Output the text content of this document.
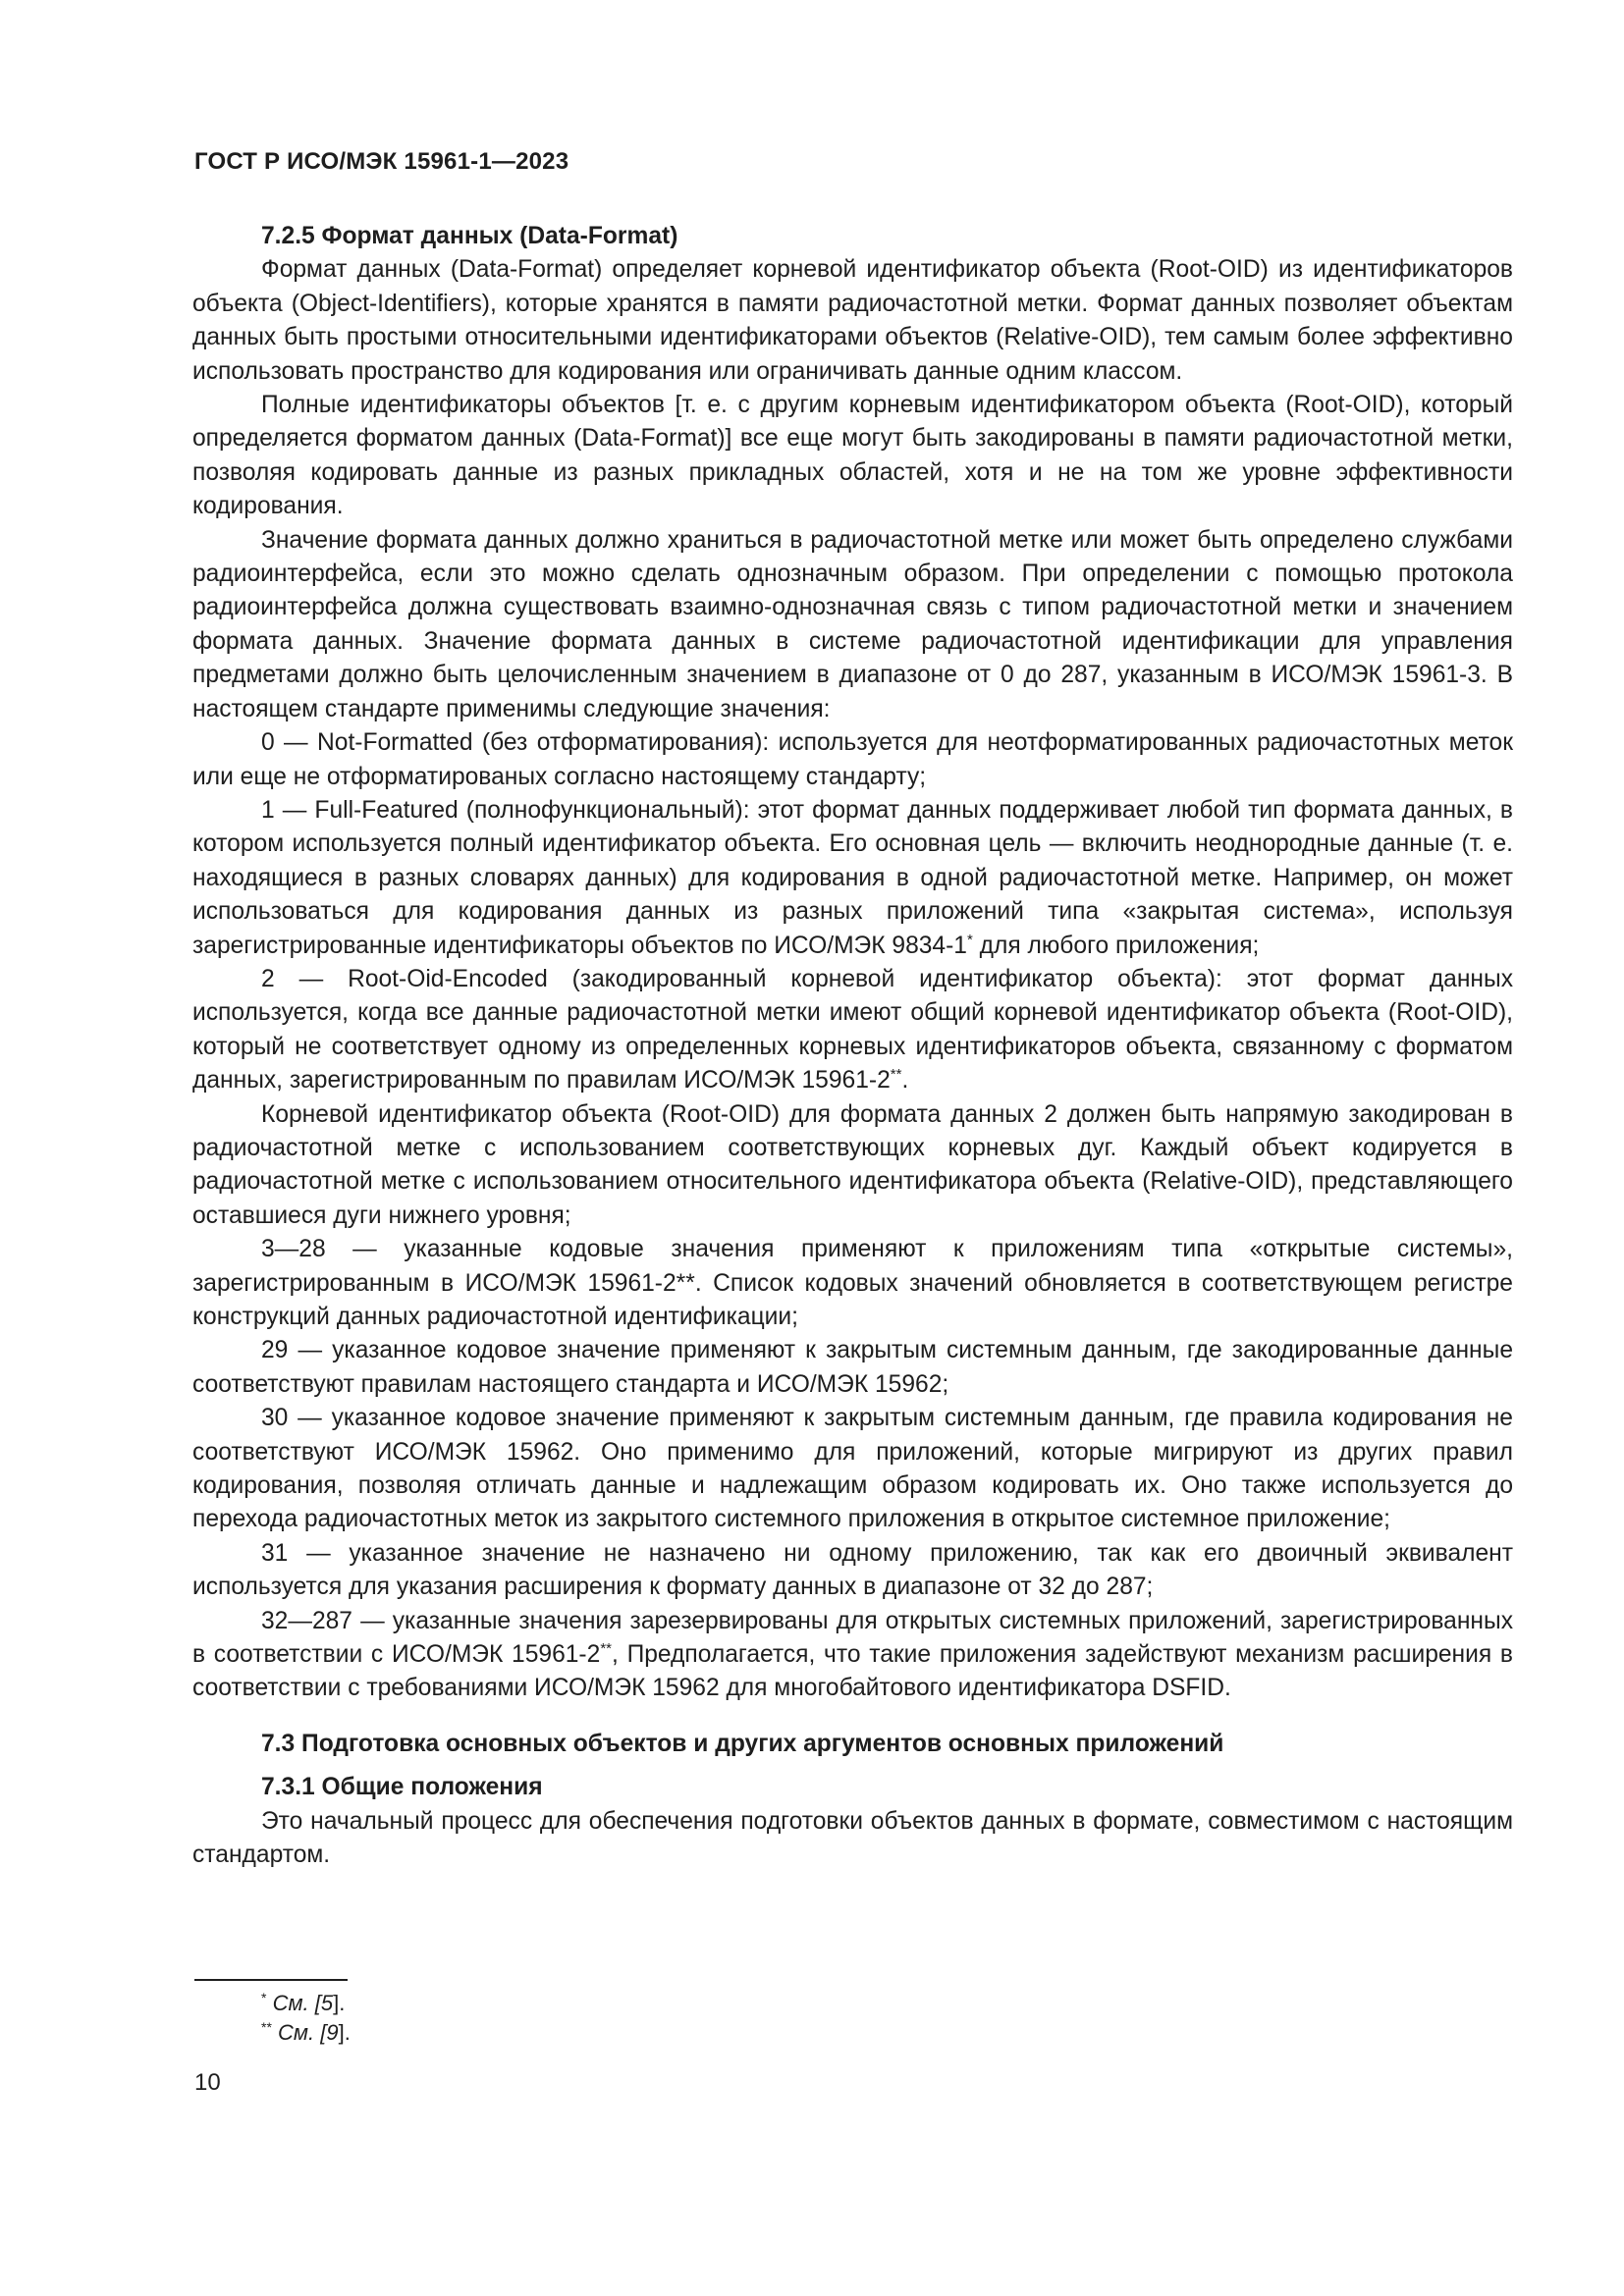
ГОСТ Р ИСО/МЭК 15961-1—2023
7.2.5 Формат данных (Data-Format)

Формат данных (Data-Format) определяет корневой идентификатор объекта (Root-OID) из идентификаторов объекта (Object-Identifiers), которые хранятся в памяти радиочастотной метки. Формат данных позволяет объектам данных быть простыми относительными идентификаторами объектов (Relative-OID), тем самым более эффективно использовать пространство для кодирования или ограничивать данные одним классом.

Полные идентификаторы объектов [т. е. с другим корневым идентификатором объекта (Root-OID), который определяется форматом данных (Data-Format)] все еще могут быть закодированы в памяти радиочастотной метки, позволяя кодировать данные из разных прикладных областей, хотя и не на том же уровне эффективности кодирования.

Значение формата данных должно храниться в радиочастотной метке или может быть определено службами радиоинтерфейса, если это можно сделать однозначным образом. При определении с помощью протокола радиоинтерфейса должна существовать взаимно-однозначная связь с типом радиочастотной метки и значением формата данных. Значение формата данных в системе радиочастотной идентификации для управления предметами должно быть целочисленным значением в диапазоне от 0 до 287, указанным в ИСО/МЭК 15961-3. В настоящем стандарте применимы следующие значения:

0 — Not-Formatted (без отформатирования): используется для неотформатированных радиочастотных меток или еще не отформатированых согласно настоящему стандарту;

1 — Full-Featured (полнофункциональный): этот формат данных поддерживает любой тип формата данных, в котором используется полный идентификатор объекта. Его основная цель — включить неоднородные данные (т. е. находящиеся в разных словарях данных) для кодирования в одной радиочастотной метке. Например, он может использоваться для кодирования данных из разных приложений типа «закрытая система», используя зарегистрированные идентификаторы объектов по ИСО/МЭК 9834-1* для любого приложения;

2 — Root-Oid-Encoded (закодированный корневой идентификатор объекта): этот формат данных используется, когда все данные радиочастотной метки имеют общий корневой идентификатор объекта (Root-OID), который не соответствует одному из определенных корневых идентификаторов объекта, связанному с форматом данных, зарегистрированным по правилам ИСО/МЭК 15961-2**.

Корневой идентификатор объекта (Root-OID) для формата данных 2 должен быть напрямую закодирован в радиочастотной метке с использованием соответствующих корневых дуг. Каждый объект кодируется в радиочастотной метке с использованием относительного идентификатора объекта (Relative-OID), представляющего оставшиеся дуги нижнего уровня;

3—28 — указанные кодовые значения применяют к приложениям типа «открытые системы», зарегистрированным в ИСО/МЭК 15961-2**. Список кодовых значений обновляется в соответствующем регистре конструкций данных радиочастотной идентификации;

29 — указанное кодовое значение применяют к закрытым системным данным, где закодированные данные соответствуют правилам настоящего стандарта и ИСО/МЭК 15962;

30 — указанное кодовое значение применяют к закрытым системным данным, где правила кодирования не соответствуют ИСО/МЭК 15962. Оно применимо для приложений, которые мигрируют из других правил кодирования, позволяя отличать данные и надлежащим образом кодировать их. Оно также используется до перехода радиочастотных меток из закрытого системного приложения в открытое системное приложение;

31 — указанное значение не назначено ни одному приложению, так как его двоичный эквивалент используется для указания расширения к формату данных в диапазоне от 32 до 287;

32—287 — указанные значения зарезервированы для открытых системных приложений, зарегистрированных в соответствии с ИСО/МЭК 15961-2**, Предполагается, что такие приложения задействуют механизм расширения в соответствии с требованиями ИСО/МЭК 15962 для многобайтового идентификатора DSFID.

7.3 Подготовка основных объектов и других аргументов основных приложений
7.3.1 Общие положения

Это начальный процесс для обеспечения подготовки объектов данных в формате, совместимом с настоящим стандартом.

* См. [5].
** См. [9].
10
